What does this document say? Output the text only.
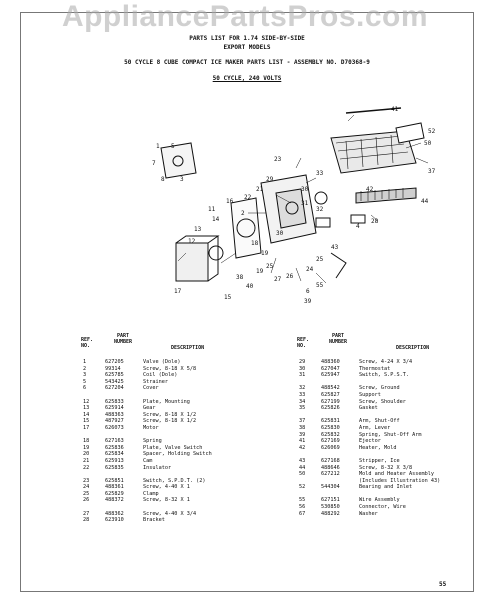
AppliancePartsPros.com
PARTS LIST FOR 1.74 SIDE-BY-SIDE
EXPORT MODELS
50 CYCLE 8 CUBE COMPACT ICE MAKER PARTS LIST - ASSEMBLY NO. D70368-9
50 CYCLE, 240 VOLTS
41
52
50
37
33
23
30
31
32
42
44
29
21
22
1 5
16
14
13
12
8
17
7
3
30
26
24
28
27
25
15
2
19
18
55
43
6
39
40
4
38
19
25
11
REF. NO.
PART NUMBER
DESCRIPTION
1	627205	Valve (Dole)
2	99314	Screw, 8-18 X 5/8
3	625785	Coil (Dole)
5	543425	Strainer
6	627204	Cover
12	625833	Plate, Mounting
13	625914	Gear
14	488363	Screw, 8-18 X 1/2
15	487927	Screw, 8-18 X 1/2
17	626073	Motor
18	627163	Spring
19	625836	Plate, Valve Switch
20	625834	Spacer, Holding Switch
21	625913	Cam
22	625835	Insulator
23	625851	Switch, S.P.D.T. (2)
24	488361	Screw, 4-40 X 1
25	625829	Clamp
26	488372	Screw, 8-32 X 1
27	488362	Screw, 4-40 X 3/4
28	623910	Bracket
REF. NO.
PART NUMBER
DESCRIPTION
29	488360	Screw, 4-24 X 3/4
30	627047	Thermostat
31	625947	Switch, S.P.S.T.
32	488542	Screw, Ground
33	625827	Support
34	627199	Screw, Shoulder
35	625826	Gasket
37	625831	Arm, Shut-Off
38	625830	Arm, Lever
39	625832	Spring, Shut-Off Arm
41	627169	Ejector
42	626069	Heater, Mold
43	627168	Stripper, Ice
44	488646	Screw, 8-32 X 3/8
50	627212	Mold and Heater Assembly
(Includes Illustration 43)
52	544304	Bearing and Inlet
55	627151	Wire Assembly
56	530850	Connector, Wire
67	488292	Washer
55
